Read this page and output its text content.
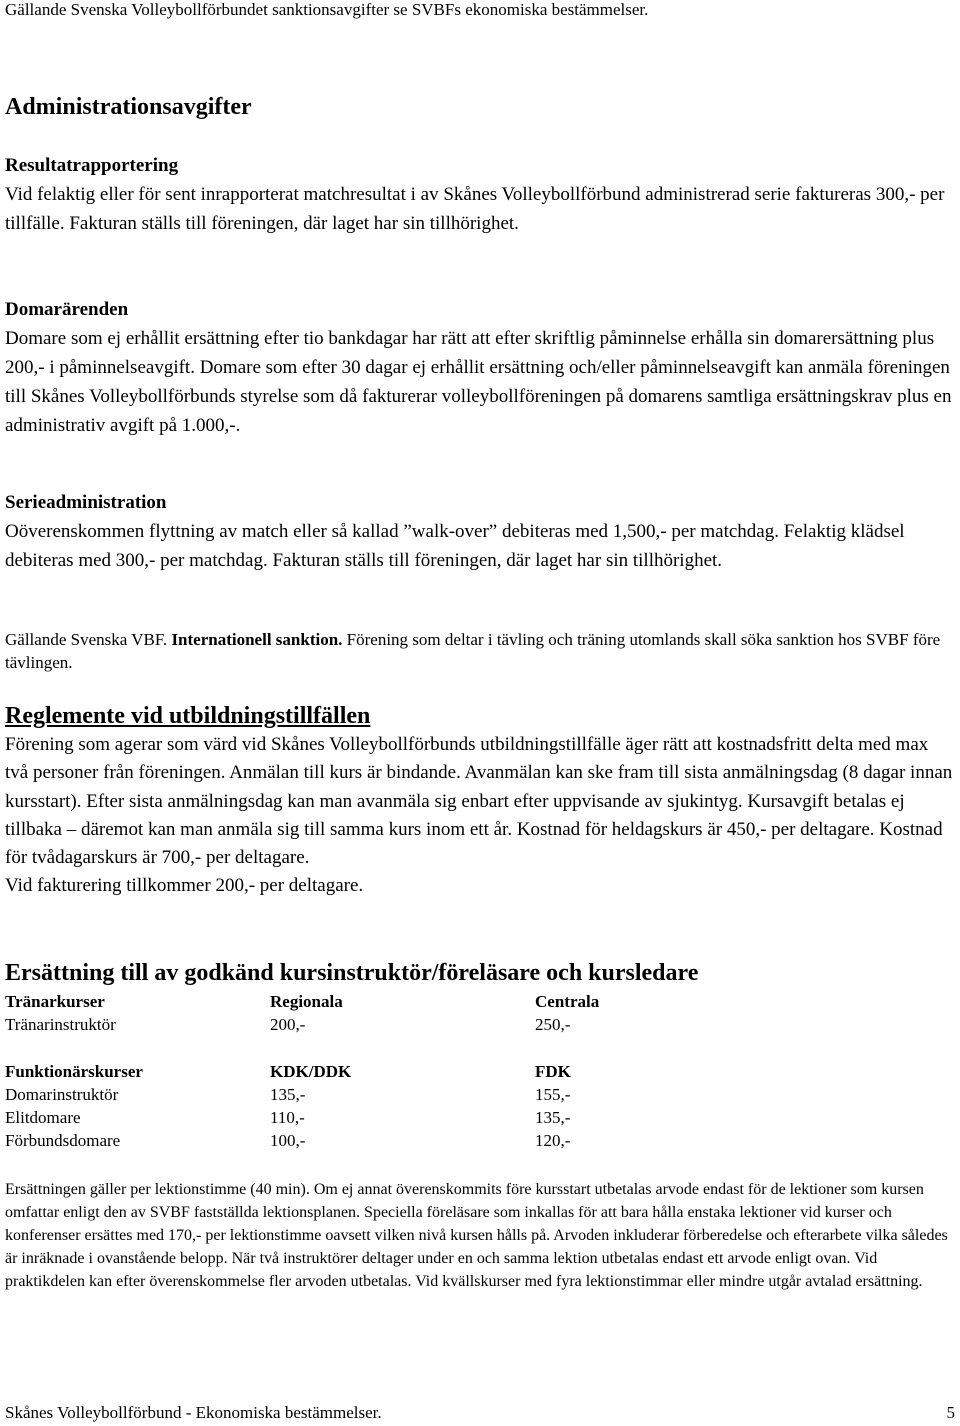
Gällande Svenska Volleybollförbundet sanktionsavgifter se SVBFs ekonomiska bestämmelser.
Administrationsavgifter
Resultatrapportering

Vid felaktig eller för sent inrapporterat matchresultat i av Skånes Volleybollförbund administrerad serie faktureras 300,- per tillfälle. Fakturan ställs till föreningen, där laget har sin tillhörighet.

Domarärenden

Domare som ej erhållit ersättning efter tio bankdagar har rätt att efter skriftlig påminnelse erhålla sin domarersättning plus 200,- i påminnelseavgift. Domare som efter 30 dagar ej erhållit ersättning och/eller påminnelseavgift kan anmäla föreningen till Skånes Volleybollförbunds styrelse som då fakturerar volleybollföreningen på domarens samtliga ersättningskrav plus en administrativ avgift på 1.000,-.

Serieadministration

Oöverenskommen flyttning av match eller så kallad ”walk-over” debiteras med 1,500,- per matchdag. Felaktig klädsel debiteras med 300,- per matchdag. Fakturan ställs till föreningen, där laget har sin tillhörighet.

Gällande Svenska VBF. Internationell sanktion. Förening som deltar i tävling och träning utomlands skall söka sanktion hos SVBF före tävlingen.

Reglemente vid utbildningstillfällen

Förening som agerar som värd vid Skånes Volleybollförbunds utbildningstillfälle äger rätt att kostnadsfritt delta med max två personer från föreningen. Anmälan till kurs är bindande. Avanmälan kan ske fram till sista anmälningsdag (8 dagar innan kursstart). Efter sista anmälningsdag kan man avanmäla sig enbart efter uppvisande av sjukintyg. Kursavgift betalas ej tillbaka – däremot kan man anmäla sig till samma kurs inom ett år. Kostnad för heldagskurs är 450,- per deltagare. Kostnad för tvådagarskurs är 700,- per deltagare.

Vid fakturering tillkommer 200,- per deltagare.

Ersättning till av godkänd kursinstruktör/föreläsare och kursledare
Tränarkurser	Regionala	Centrala
Tränarinstruktör	200,-	250,-
Funktionärskurser	KDK/DDK	FDK
Domarinstruktör	135,-	155,-
Elitdomare	110,-	135,-
Förbundsdomare	100,-	120,-

Ersättningen gäller per lektionstimme (40 min). Om ej annat överenskommits före kursstart utbetalas arvode endast för de lektioner som kursen omfattar enligt den av SVBF fastställda lektionsplanen. Speciella föreläsare som inkallas för att bara hålla enstaka lektioner vid kurser och konferenser ersättes med 170,- per lektionstimme oavsett vilken nivå kursen hålls på. Arvoden inkluderar förberedelse och efterarbete vilka således är inräknade i ovanstående belopp. När två instruktörer deltager under en och samma lektion utbetalas endast ett arvode enligt ovan. Vid praktikdelen kan efter överenskommelse fler arvoden utbetalas. Vid kvällskurser med fyra lektionstimmar eller mindre utgår avtalad ersättning.

Skånes Volleybollförbund - Ekonomiska bestämmelser.	5
